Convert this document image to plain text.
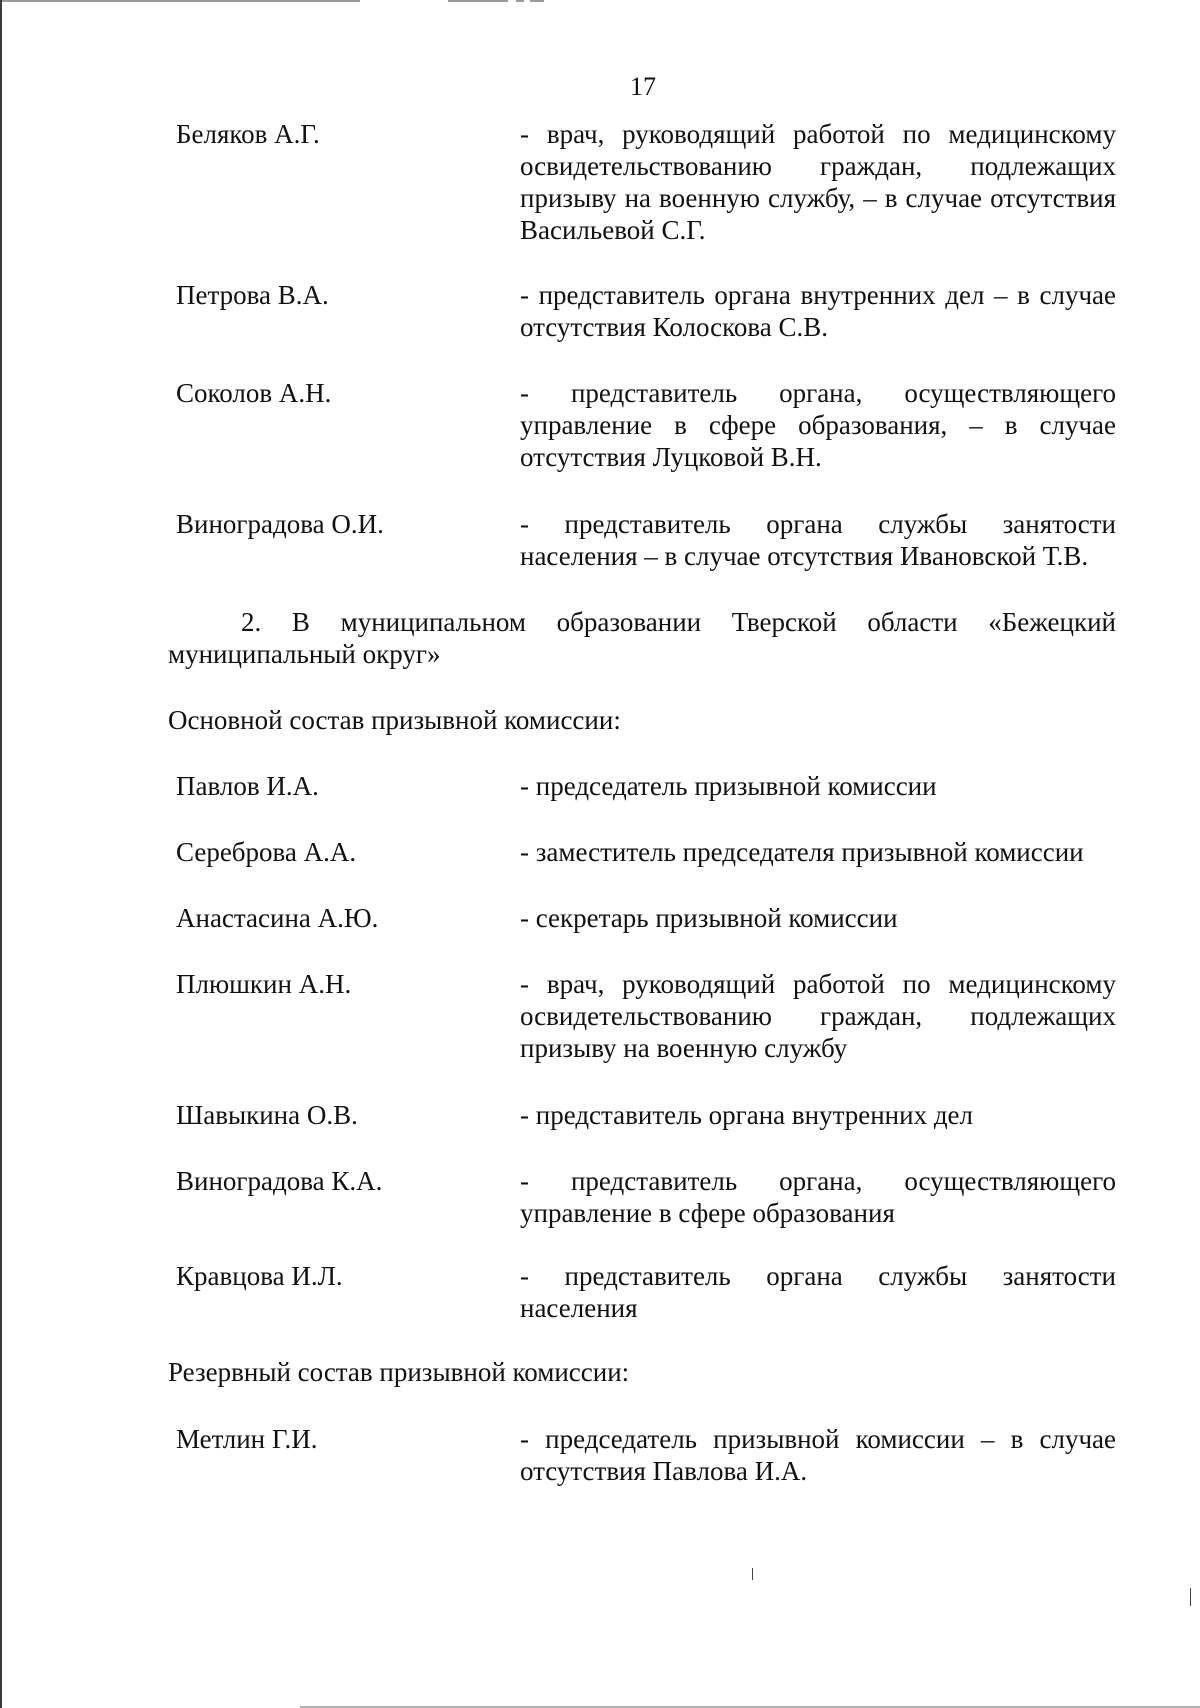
17
Беляков А.Г.	- врач, руководящий работой по медицинскому освидетельствованию граждан, подлежащих призыву на военную службу, – в случае отсутствия Васильевой С.Г.
Петрова В.А.	- представитель органа внутренних дел – в случае отсутствия Колоскова С.В.
Соколов А.Н.	- представитель органа, осуществляющего управление в сфере образования, – в случае отсутствия Луцковой В.Н.
Виноградова О.И.	- представитель органа службы занятости населения – в случае отсутствия Ивановской Т.В.
2. В муниципальном образовании Тверской области «Бежецкий муниципальный округ»
Основной состав призывной комиссии:
Павлов И.А.	- председатель призывной комиссии
Сереброва А.А.	- заместитель председателя призывной комиссии
Анастасина А.Ю.	- секретарь призывной комиссии
Плюшкин А.Н.	- врач, руководящий работой по медицинскому освидетельствованию граждан, подлежащих призыву на военную службу
Шавыкина О.В.	- представитель органа внутренних дел
Виноградова К.А.	- представитель органа, осуществляющего управление в сфере образования
Кравцова И.Л.	- представитель органа службы занятости населения
Резервный состав призывной комиссии:
Метлин Г.И.	- председатель призывной комиссии – в случае отсутствия Павлова И.А.
